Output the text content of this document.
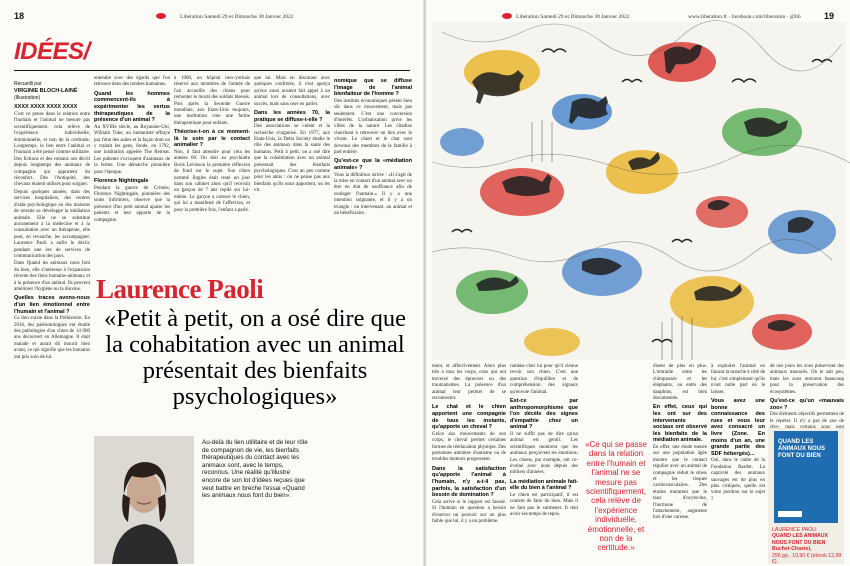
18	Libération Samedi 29 et Dimanche 30 Janvier 2022
IDÉES/
Recueilli par
VIRGINIE BLOCH-LAINÉ
(Illustration)
XXXX XXXX XXXX XXXX

C'est ce pense dans la relation entre l'humain et l'animal ne mesure pas scientifiquement, cela relève de l'expérience individuelle, émotionnelle, et non de la certitude. Longtemps, le lien entre l'animal et l'humain a été pensé comme utilitaire. Des fictions et des romans ont décrit depuis longtemps des animaux de compagnie qui apportent du réconfort. Dès l'Antiquité, des chevaux étaient utilisés pour soigner.

Depuis quelques années, dans des services hospitaliers, des centres d'aide psychologique ou des maisons de retraite se développe la médiation animale. Elle ne se substitue aucunement à la médecine et à la consultation avec un thérapeute, elle peut, en revanche, les accompagner. Laurence Paoli a enfin le déclic pendant une ère de services de communication des pays.

Dans Quand les animaux nous font du bien, elle s'intéresse à l'expansion récente des liens humains-animaux et à la présence d'un animal. Ils peuvent améliorer l'hygiène ou la dioxine.

Quelles traces avons-nous d'un lien émotionnel entre l'humain et l'animal ?

Ce lien existe dans la Préhistoire. En 2016, des paléontologues ont étudié des pathologies d'un chien de 14 000 ans découvert en Allemagne. Il était malade et aurait dû mourir bien avant, ce qui signifie que les humains ont pris soin de lui.

entendre avec des égards que l'on retrouve dans des tombes humaines.

Quand les hommes commencent-ils à expérimenter les vertus thérapeutiques de la présence d'un animal ?

Au XVIIIe siècle, au Royaume-Uni, William Tuke, un humaniste effrayé par l'état des asiles et la façon dont on y traitait les gens, fonde, en 1792, une institution appelée The Retreat. Les patients s'occupent d'animaux de la ferme. Une démarche pionnière pour l'époque.

Florence Nightingale

Pendant la guerre de Crimée, Florence Nightingale, pionnière des soins infirmiers, observe que la présence d'un petit animal apaise les patients et leur apporte de la compagnie.

à 1960, un hôpital new-yorkais réservé aux membres de l'armée de l'air accueille des chiens pour remonter le moral des soldats blessés. Puis après la Seconde Guerre mondiale, aux Etats-Unis toujours, une institution crée une ferme thérapeutique pour enfants.

Théorise-t-on à ce moment-là le soin par le contact animalier ?

Non, il faut attendre pour cela les années 60. On doit au psychiatre Boris Levinson la première réflexion de fond sur le sujet. Son chien nommé Jingles était resté un jour dans son cabinet alors qu'il recevait un garçon de 7 ans replié sur lui-même. Le garçon a caressé le chien, qui lui a manifesté de l'affection, et pour la première fois, l'enfant a parlé.

que lui. Mais en discutant avec quelques confrères, il s'est aperçu qu'eux aussi avaient fait appel à un animal lors de consultations, avec succès, mais sans oser en parler.

Dans les années 70, la pratique se diffuse-t-elle ?

Des associations se créent et la recherche s'organise. En 1977, aux Etats-Unis, la Delta Society étudie le rôle des animaux dans la santé des humains. Petit à petit, on a osé dire que la cohabitation avec un animal présentait des bienfaits psychologiques. C'est un peu comme pour les amis : on ne pense pas aux bienfaits qu'ils nous apportent, on les vit.

nomique que se diffuse l'image de l'animal bienfaiteur de l'homme ?

Des instituts économiques pèsent bien sûr dans ce mouvement, mais pas seulement. C'est une conversion d'intérêts. L'urbanisation prive les villes de la nature. Les citadins cherchent à retrouver un lien avec le vivant. Le chien et le chat sont devenus des membres de la famille à part entière.

Qu'est-ce que la «médiation animale» ?

Vous la définition stricte : «Il s'agit de la mise en contact d'un animal avec un être en état de souffrance afin de soulager l'humain.» Il y a une intention soignante, et il y a un triangle : un intervenant, un animal et un bénéficiaire.

Laurence Paoli
«Petit à petit, on a osé dire que la cohabitation avec un animal présentait des bienfaits psychologiques»
Au-delà du lien utilitaire et de leur rôle de compagnon de vie, les bienfaits thérapeutiques du contact avec les animaux sont, avec le temps, reconnus. Une réalité qu'illustre encore de son lot d'idées reçues que veut battre en brèche l'essai «Quand les animaux nous font du bien».
Libération Samedi 29 et Dimanche 30 Janvier 2022	www.liberation.fr · facebook.com/liberation · @lib	19

ment, et affectivement. Alors plus très à tous les corps, ceux qui ont traversé des épreuves ou des traumatismes. La présence d'un animal leur permet de se reconnecter.

Le chat et le chien apportent une compagnie de tous les instants, qu'apporte un cheval ?

Grâce aux mouvements de son corps, le cheval permet certaines formes de rééducation physique. Des personnes atteintes d'autisme ou de troubles moteurs progressent.

Dans la satisfaction qu'apporte l'animal à l'humain, n'y a-t-il pas, parfois, la satisfaction d'un besoin de domination ?

Cela arrive si le rapport est faussé. Si l'humain en question a besoin d'exercer un pouvoir sur un plus faible que lui, il y a un problème.

ramène chez lui pour qu'il vienne revoir son chien. C'est une question d'équilibre et de compréhension des signaux qu'envoie l'animal.

Est-ce par anthropomorphisme que l'on décèle des signes d'empathie chez un animal ?

Il ne suffit pas de dire qu'un animal est gentil. Les scientifiques montrent que les animaux perçoivent les émotions. Les chiens, par exemple, ont co-évolué avec nous depuis des milliers d'années.

La médiation animale fait-elle du bien à l'animal ?

Le chien est participatif, il est content de faire du bien. Mais il ne faut pas le surmener. Il doit avoir ses temps de repos.

«Ce qui se passe dans la relation entre l'humain et l'animal ne se mesure pas scientifiquement, cela relève de l'expérience individuelle, émotionnelle, et non de la certitude.»

disent de plus en plus. L'entraide entre les chimpanzés et les éléphants, ou entre des dauphins, est bien documentée.

En effet, ceux qui les ont sur des intervenants sociaux ont observé les bienfaits de la médiation animale.

En effet, une étude menée sur une population âgée montre que le contact régulier avec un animal de compagnie réduit le stress et les risques cardiovasculaires. Des études montrent que le taux d'ocytocine, l'hormone de l'attachement, augmente lors d'une caresse.

à exploiter l'animal en faisant la manche à côté de lui, c'est simplement qu'ils n'ont nulle part où le laisser.

Vous avez une bonne connaissance des rues et vous leur avez consacré un livre (Zone. En moins d'un an, une grande partie des SDF hébergés)...

Oui, dans le cadre de la Fondation Bardot. La captivité des animaux sauvages est de plus en plus critiquée, quelle est votre position sur le sujet ?

de nos jours les zoos préservent des animaux menacés. On le sait peu, mais les zoos œuvrent beaucoup pour la préservation des écosystèmes.

Qu'est-ce qu'un «mauvais zoo» ?

Des éléments objectifs permettent de le repérer. Il n'y a pas de zoo de

QUAND LES ANIMAUX NOUS FONT DU BIEN
LAURENCE PAOLI
QUAND LES ANIMAUX NOUS FONT DU BIEN
Buchet-Chastel,
256 pp., 19,90 € (ebook 12,99 €).
